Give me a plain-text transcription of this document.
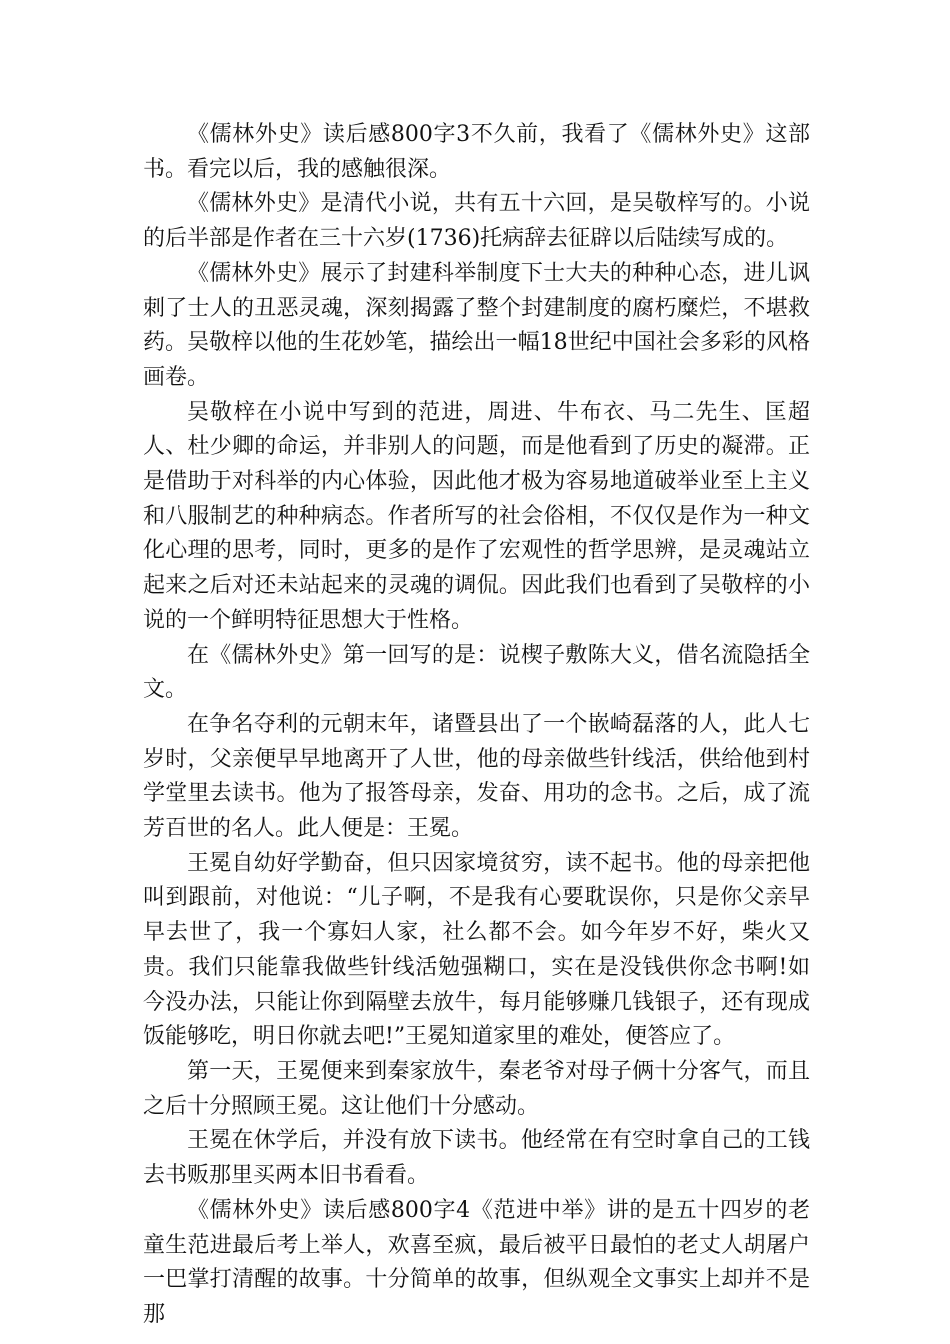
《儒林外史》读后感800字3不久前，我看了《儒林外史》这部书。看完以后，我的感触很深。

《儒林外史》是清代小说，共有五十六回，是吴敬梓写的。小说的后半部是作者在三十六岁(1736)托病辞去征辟以后陆续写成的。

《儒林外史》展示了封建科举制度下士大夫的种种心态，进儿讽刺了士人的丑恶灵魂，深刻揭露了整个封建制度的腐朽糜烂，不堪救药。吴敬梓以他的生花妙笔，描绘出一幅18世纪中国社会多彩的风格画卷。

吴敬梓在小说中写到的范进，周进、牛布衣、马二先生、匡超人、杜少卿的命运，并非别人的问题，而是他看到了历史的凝滞。正是借助于对科举的内心体验，因此他才极为容易地道破举业至上主义和八服制艺的种种病态。作者所写的社会俗相，不仅仅是作为一种文化心理的思考，同时，更多的是作了宏观性的哲学思辨，是灵魂站立起来之后对还未站起来的灵魂的调侃。因此我们也看到了吴敬梓的小说的一个鲜明特征思想大于性格。

在《儒林外史》第一回写的是：说楔子敷陈大义，借名流隐括全文。

在争名夺利的元朝末年，诸暨县出了一个嵌崎磊落的人，此人七岁时，父亲便早早地离开了人世，他的母亲做些针线活，供给他到村学堂里去读书。他为了报答母亲，发奋、用功的念书。之后，成了流芳百世的名人。此人便是：王冕。

王冕自幼好学勤奋，但只因家境贫穷，读不起书。他的母亲把他叫到跟前，对他说：“儿子啊，不是我有心要耽误你，只是你父亲早早去世了，我一个寡妇人家，社么都不会。如今年岁不好，柴火又贵。我们只能靠我做些针线活勉强糊口，实在是没钱供你念书啊!如今没办法，只能让你到隔壁去放牛，每月能够赚几钱银子，还有现成饭能够吃，明日你就去吧!”王冕知道家里的难处，便答应了。

第一天，王冕便来到秦家放牛，秦老爷对母子俩十分客气，而且之后十分照顾王冕。这让他们十分感动。

王冕在休学后，并没有放下读书。他经常在有空时拿自己的工钱去书贩那里买两本旧书看看。

《儒林外史》读后感800字4《范进中举》讲的是五十四岁的老童生范进最后考上举人，欢喜至疯，最后被平日最怕的老丈人胡屠户一巴掌打清醒的故事。十分简单的故事，但纵观全文事实上却并不是那
